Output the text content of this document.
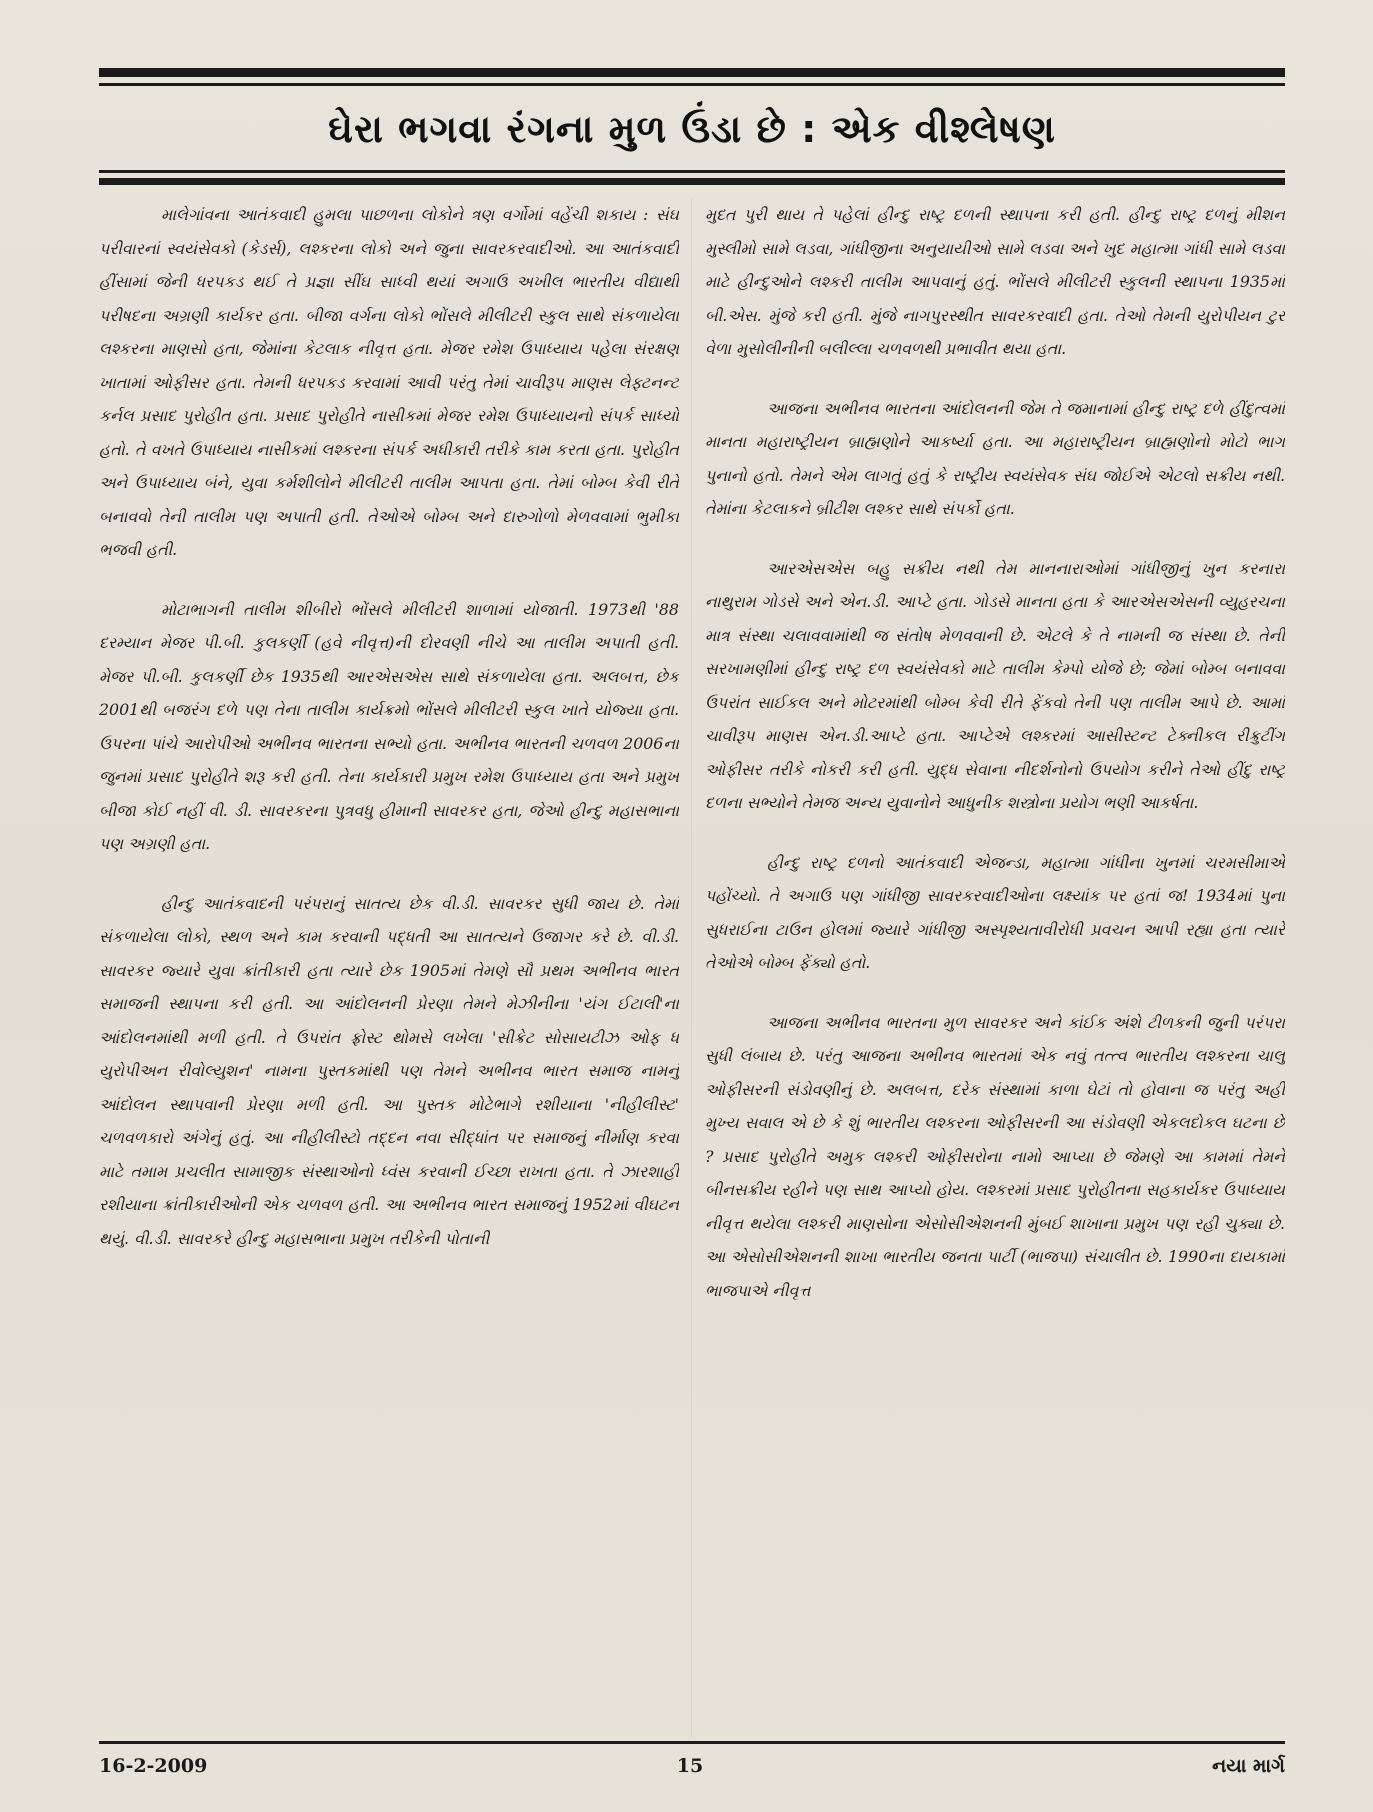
ઘેરા ભગવા રંગના મુળ ઉંડા છે : એક વીશ્લેષણ

માલેગાંવના આતંકવાદી હુમલા પાછળના લોકોને ત્રણ વર્ગોમાં વહેંચી શકાય : સંઘ પરીવારનાં સ્વયંસેવકો (કેડર્સ), લશ્કરના લોકો અને જુના સાવરકરવાદીઓ. આ આતંકવાદી હીંસામાં જેની ધરપકડ થઈ તે પ્રજ્ઞા સીંઘ સાધ્વી થયાં અગાઉ અખીલ ભારતીય વીદ્યાર્થી પરીષદના અગ્રણી કાર્યકર હતા. બીજા વર્ગના લોકો ભોંસલે મીલીટરી સ્કુલ સાથે સંકળાયેલા લશ્કરના માણસો હતા, જેમાંના કેટલાક નીવૃત્ત હતા. મેજર રમેશ ઉપાધ્યાય પહેલા સંરક્ષણ ખાતામાં ઓફીસર હતા. તેમની ધરપકડ કરવામાં આવી પરંતુ તેમાં ચાવીરૂપ માણસ લેફ્ટનન્ટ કર્નલ પ્રસાદ પુરોહીત હતા. પ્રસાદ પુરોહીતે નાસીકમાં મેજર રમેશ ઉપાધ્યાયનો સંપર્ક સાધ્યો હતો. તે વખતે ઉપાધ્યાય નાસીકમાં લશ્કરના સંપર્ક અધીકારી તરીકે કામ કરતા હતા. પુરોહીત અને ઉપાધ્યાય બંને, યુવા કર્મશીલોને મીલીટરી તાલીમ આપતા હતા. તેમાં બોમ્બ કેવી રીતે બનાવવો તેની તાલીમ પણ અપાતી હતી. તેઓએ બોમ્બ અને દારુગોળો મેળવવામાં ભુમીકા ભજવી હતી.

મોટાભાગની તાલીમ શીબીરો ભોંસલે મીલીટરી શાળામાં યોજાતી. 1973થી '88 દરમ્યાન મેજર પી.બી. કુલકર્ણી (હવે નીવૃત્ત)ની દોરવણી નીચે આ તાલીમ અપાતી હતી. મેજર પી.બી. કુલકર્ણી છેક 1935થી આરએસએસ સાથે સંકળાયેલા હતા. અલબત્ત, છેક 2001થી બજરંગ દળે પણ તેના તાલીમ કાર્યક્રમો ભોંસલે મીલીટરી સ્કુલ ખાતે યોજ્યા હતા. ઉપરના પાંચે આરોપીઓ અભીનવ ભારતના સભ્યો હતા. અભીનવ ભારતની ચળવળ 2006ના જુનમાં પ્રસાદ પુરોહીતે શરૂ કરી હતી. તેના કાર્યકારી પ્રમુખ રમેશ ઉપાધ્યાય હતા અને પ્રમુખ બીજા કોઈ નહીં વી. ડી. સાવરકરના પુત્રવધુ હીમાની સાવરકર હતા, જેઓ હીન્દુ મહાસભાના પણ અગ્રણી હતા.

હીન્દુ આતંકવાદની પરંપરાનું સાતત્ય છેક વી.ડી. સાવરકર સુધી જાય છે. તેમાં સંકળાયેલા લોકો, સ્થળ અને કામ કરવાની પદ્ધતી આ સાતત્યને ઉજાગર કરે છે. વી.ડી. સાવરકર જ્યારે યુવા ક્રાંતીકારી હતા ત્યારે છેક 1905માં તેમણે સૌ પ્રથમ અભીનવ ભારત સમાજની સ્થાપના કરી હતી. આ આંદોલનની પ્રેરણા તેમને મેઝીનીના 'યંગ ઈટાલી'ના આંદોલનમાંથી મળી હતી. તે ઉપરાંત ફ્રોસ્ટ થોમસે લખેલા 'સીક્રેટ સોસાયટીઝ ઓફ ધ યુરોપીઅન રીવોલ્યુશન' નામના પુસ્તકમાંથી પણ તેમને અભીનવ ભારત સમાજ નામનું આંદોલન સ્થાપવાની પ્રેરણા મળી હતી. આ પુસ્તક મોટેભાગે રશીયાના 'નીહીલીસ્ટ' ચળવળકારો અંગેનું હતું. આ નીહીલીસ્ટો તદ્દન નવા સીદ્ધાંત પર સમાજનું નીર્માણ કરવા માટે તમામ પ્રચલીત સામાજીક સંસ્થાઓનો ધ્વંસ કરવાની ઈચ્છા રાખતા હતા. તે ઝારશાહી રશીયાના ક્રાંતીકારીઓની એક ચળવળ હતી. આ અભીનવ ભારત સમાજનું 1952માં વીઘટન થયું. વી.ડી. સાવરકરે હીન્દુ મહાસભાના પ્રમુખ તરીકેની પોતાની

મુદત પુરી થાય તે પહેલાં હીન્દુ રાષ્ટ્ર દળની સ્થાપના કરી હતી. હીન્દુ રાષ્ટ્ર દળનું મીશન મુસ્લીમો સામે લડવા, ગાંધીજીના અનુયાયીઓ સામે લડવા અને ખુદ મહાત્મા ગાંધી સામે લડવા માટે હીન્દુઓને લશ્કરી તાલીમ આપવાનું હતું. ભોંસલે મીલીટરી સ્કુલની સ્થાપના 1935માં બી.એસ. મુંજે કરી હતી. મુંજે નાગપુરસ્થીત સાવરકરવાદી હતા. તેઓ તેમની યુરોપીયન ટુર વેળા મુસોલીનીની બલીલ્લા ચળવળથી પ્રભાવીત થયા હતા.

આજના અભીનવ ભારતના આંદોલનની જેમ તે જમાનામાં હીન્દુ રાષ્ટ્ર દળે હીંદુત્વમાં માનતા મહારાષ્ટ્રીયન બ્રાહ્મણોને આકર્ષ્યા હતા. આ મહારાષ્ટ્રીયન બ્રાહ્મણોનો મોટો ભાગ પુનાનો હતો. તેમને એમ લાગતું હતું કે રાષ્ટ્રીય સ્વયંસેવક સંઘ જોઈએ એટલો સક્રીય નથી. તેમાંના કેટલાકને બ્રીટીશ લશ્કર સાથે સંપર્કો હતા.

આરએસએસ બહુ સક્રીય નથી તેમ માનનારાઓમાં ગાંધીજીનું ખુન કરનારા નાથુરામ ગોડસે અને એન.ડી. આપ્ટે હતા. ગોડસે માનતા હતા કે આરએસએસની વ્યુહરચના માત્ર સંસ્થા ચલાવવામાંથી જ સંતોષ મેળવવાની છે. એટલે કે તે નામની જ સંસ્થા છે. તેની સરખામણીમાં હીન્દુ રાષ્ટ્ર દળ સ્વયંસેવકો માટે તાલીમ કેમ્પો યોજે છે; જેમાં બોમ્બ બનાવવા ઉપરાંત સાઈકલ અને મોટરમાંથી બોમ્બ કેવી રીતે ફેંકવો તેની પણ તાલીમ આપે છે. આમાં ચાવીરૂપ માણસ એન.ડી.આપ્ટે હતા. આપ્ટેએ લશ્કરમાં આસીસ્ટન્ટ ટેક્નીકલ રીક્રુટીંગ ઓફીસર તરીકે નોકરી કરી હતી. યુદ્ધ સેવાના નીદર્શનોનો ઉપયોગ કરીને તેઓ હીંદુ રાષ્ટ્ર દળના સભ્યોને તેમજ અન્ય યુવાનોને આધુનીક શસ્ત્રોના પ્રયોગ ભણી આકર્ષતા.

હીન્દુ રાષ્ટ્ર દળનો આતંકવાદી એજન્ડા, મહાત્મા ગાંધીના ખુનમાં ચરમસીમાએ પહોંચ્યો. તે અગાઉ પણ ગાંધીજી સાવરકરવાદીઓના લક્ષ્યાંક પર હતાં જ! 1934માં પુના સુધરાઈના ટાઉન હોલમાં જ્યારે ગાંધીજી અસ્પૃશ્યતાવીરોધી પ્રવચન આપી રહ્યા હતા ત્યારે તેઓએ બોમ્બ ફેંક્યો હતો.

આજના અભીનવ ભારતના મુળ સાવરકર અને કાંઈક અંશે ટીળકની જુની પરંપરા સુધી લંબાય છે. પરંતુ આજના અભીનવ ભારતમાં એક નવું તત્ત્વ ભારતીય લશ્કરના ચાલુ ઓફીસરની સંડોવણીનું છે. અલબત્ત, દરેક સંસ્થામાં કાળા ઘેટાં તો હોવાના જ પરંતુ અહીં મુખ્ય સવાલ એ છે કે શું ભારતીય લશ્કરના ઓફીસરની આ સંડોવણી એકલદોકલ ઘટના છે ? પ્રસાદ પુરોહીતે અમુક લશ્કરી ઓફીસરોના નામો આપ્યા છે જેમણે આ કામમાં તેમને બીનસક્રીય રહીને પણ સાથ આપ્યો હોય. લશ્કરમાં પ્રસાદ પુરોહીતના સહકાર્યકર ઉપાધ્યાય નીવૃત્ત થયેલા લશ્કરી માણસોના એસોસીએશનની મુંબઈ શાખાના પ્રમુખ પણ રહી ચુક્યા છે. આ એસોસીએશનની શાખા ભારતીય જનતા પાર્ટી (ભાજપા) સંચાલીત છે. 1990ના દાયકામાં ભાજપાએ નીવૃત્ત

16-2-2009	15	નયા માર્ગ
